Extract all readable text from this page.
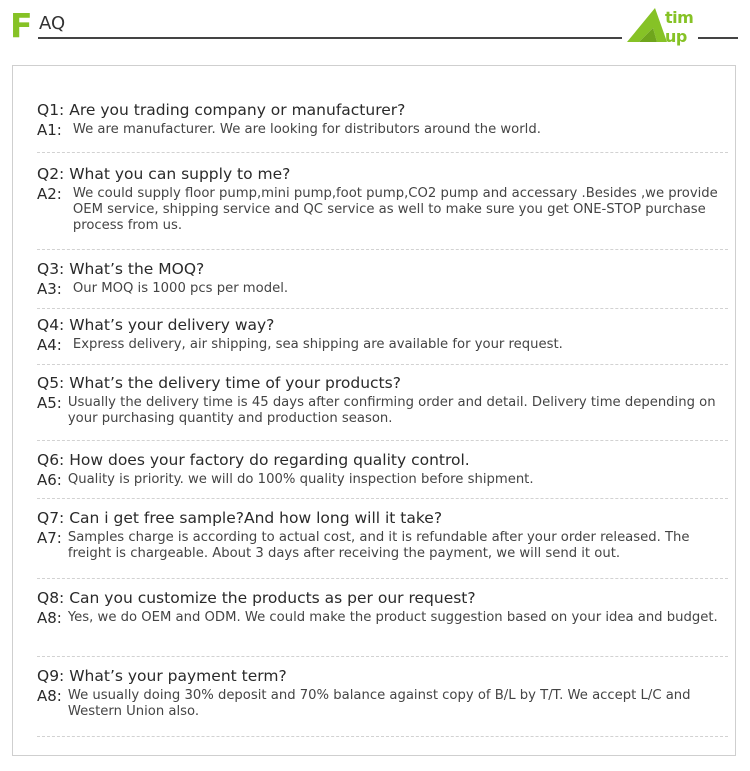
F AQ	tim
up
Q1: Are you trading company or manufacturer?
A1: We are manufacturer. We are looking for distributors around the world.
Q2: What you can supply to me?
A2: We could supply floor pump,mini pump,foot pump,CO2 pump and accessary .Besides ,we provide OEM service, shipping service and QC service as well to make sure you get ONE-STOP purchase process from us.
Q3: What’s the MOQ?
A3: Our MOQ is 1000 pcs per model.
Q4: What’s your delivery way?
A4: Express delivery, air shipping, sea shipping are available for your request.
Q5: What’s the delivery time of your products?
A5: Usually the delivery time is 45 days after confirming order and detail. Delivery time depending on your purchasing quantity and production season.
Q6: How does your factory do regarding quality control.
A6: Quality is priority. we will do 100% quality inspection before shipment.
Q7: Can i get free sample?And how long will it take?
A7: Samples charge is according to actual cost, and it is refundable after your order released. The freight is chargeable. About 3 days after receiving the payment, we will send it out.
Q8: Can you customize the products as per our request?
A8: Yes, we do OEM and ODM. We could make the product suggestion based on your idea and budget.
Q9: What’s your payment term?
A8: We usually doing 30% deposit and 70% balance against copy of B/L by T/T. We accept L/C and Western Union also.
